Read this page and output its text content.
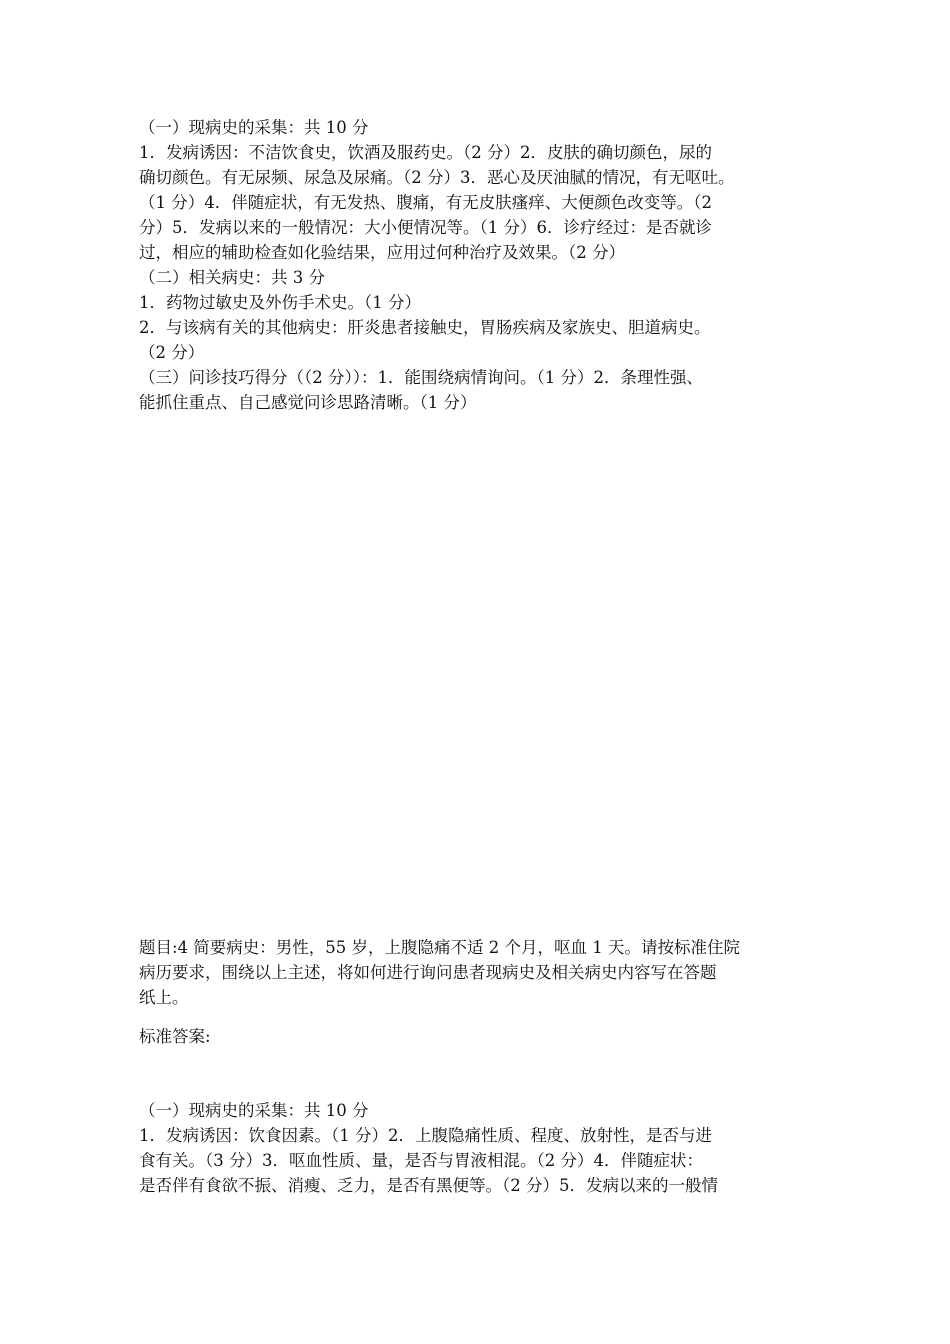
（一）现病史的采集：共 10 分

1．发病诱因：不洁饮食史，饮酒及服药史。（2 分）2．皮肤的确切颜色，尿的

确切颜色。有无尿频、尿急及尿痛。（2 分）3．恶心及厌油腻的情况，有无呕吐。

（1 分）4．伴随症状，有无发热、腹痛，有无皮肤瘙痒、大便颜色改变等。（2

分）5．发病以来的一般情况：大小便情况等。（1 分）6．诊疗经过：是否就诊

过，相应的辅助检查如化验结果，应用过何种治疗及效果。（2 分）

（二）相关病史：共 3 分

1．药物过敏史及外伤手术史。（1 分）

2．与该病有关的其他病史：肝炎患者接触史，胃肠疾病及家族史、胆道病史。

（2 分）

（三）问诊技巧得分（（2 分））：1．能围绕病情询问。（1 分）2．条理性强、

能抓住重点、自己感觉问诊思路清晰。（1 分）

题目:4 简要病史：男性，55 岁，上腹隐痛不适 2 个月，呕血 1 天。请按标准住院

病历要求，围绕以上主述，将如何进行询问患者现病史及相关病史内容写在答题

纸上。

标准答案:

（一）现病史的采集：共 10 分

1．发病诱因：饮食因素。（1 分）2．上腹隐痛性质、程度、放射性，是否与进

食有关。（3 分）3．呕血性质、量，是否与胃液相混。（2 分）4．伴随症状：

是否伴有食欲不振、消瘦、乏力，是否有黑便等。（2 分）5．发病以来的一般情
